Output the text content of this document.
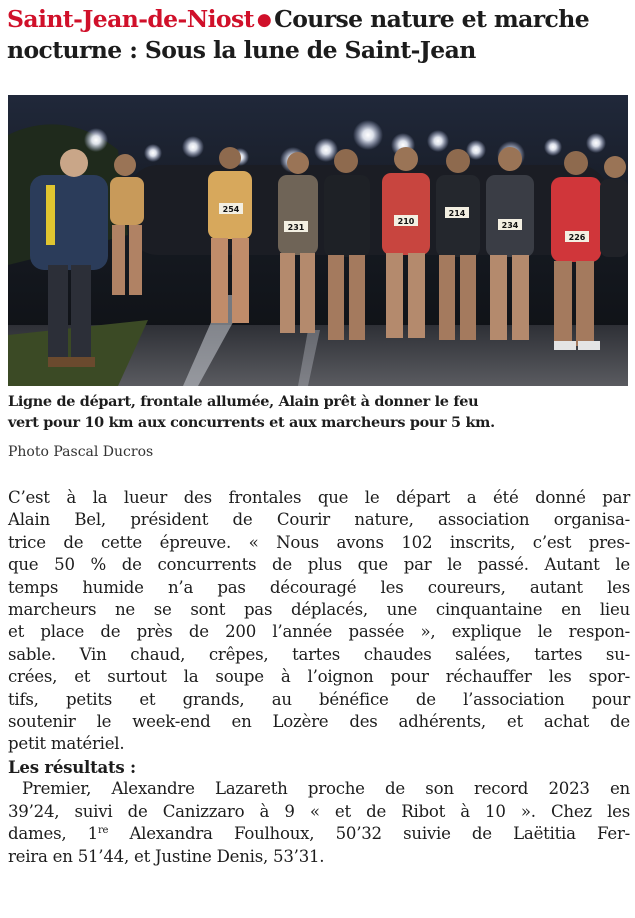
Saint-Jean-de-Niost ● Course nature et marche
nocturne : Sous la lune de Saint-Jean
254
231
210
214
234
226

Ligne de départ, frontale allumée, Alain prêt à donner le feu
vert pour 10 km aux concurrents et aux marcheurs pour 5 km.

Photo Pascal Ducros

C’est à la lueur des frontales que le départ a été donné par
Alain Bel, président de Courir nature, association organisa-
trice de cette épreuve. « Nous avons 102 inscrits, c’est pres-
que 50 % de concurrents de plus que par le passé. Autant le
temps humide n’a pas découragé les coureurs, autant les
marcheurs ne se sont pas déplacés, une cinquantaine en lieu
et place de près de 200 l’année passée », explique le respon-
sable. Vin chaud, crêpes, tartes chaudes salées, tartes su-
crées, et surtout la soupe à l’oignon pour réchauffer les spor-
tifs, petits et grands, au bénéfice de l’association pour
soutenir le week-end en Lozère des adhérents, et achat de
petit matériel.

Les résultats :

Premier, Alexandre Lazareth proche de son record 2023 en
39’24, suivi de Canizzaro à 9 « et de Ribot à 10 ». Chez les
dames, 1re Alexandra Foulhoux, 50’32 suivie de Laëtitia Fer-
reira en 51’44, et Justine Denis, 53’31.
